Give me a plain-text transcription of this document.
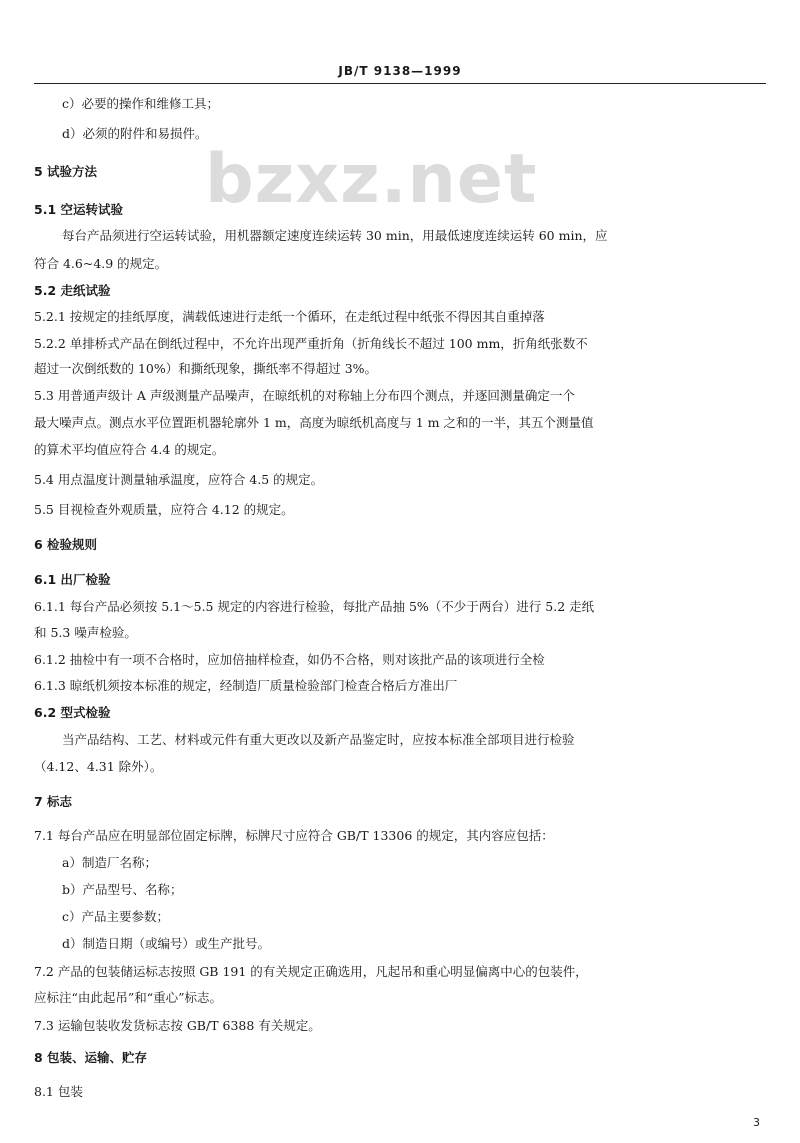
JB/T 9138—1999
bzxz.net
c）必要的操作和维修工具；
d）必须的附件和易损件。
5 试验方法
5.1 空运转试验
每台产品须进行空运转试验，用机器额定速度连续运转 30 min，用最低速度连续运转 60 min，应
符合 4.6~4.9 的规定。
5.2 走纸试验
5.2.1 按规定的挂纸厚度，满载低速进行走纸一个循环，在走纸过程中纸张不得因其自重掉落
5.2.2 单排桥式产品在倒纸过程中，不允许出现严重折角（折角线长不超过 100 mm，折角纸张数不
超过一次倒纸数的 10%）和撕纸现象，撕纸率不得超过 3%。
5.3 用普通声级计 A 声级测量产品噪声，在晾纸机的对称轴上分布四个测点，并逐回测量确定一个
最大噪声点。测点水平位置距机器轮廓外 1 m，高度为晾纸机高度与 1 m 之和的一半，其五个测量值
的算术平均值应符合 4.4 的规定。
5.4 用点温度计测量轴承温度，应符合 4.5 的规定。
5.5 目视检查外观质量，应符合 4.12 的规定。
6 检验规则
6.1 出厂检验
6.1.1 每台产品必须按 5.1～5.5 规定的内容进行检验，每批产品抽 5%（不少于两台）进行 5.2 走纸
和 5.3 噪声检验。
6.1.2 抽检中有一项不合格时，应加倍抽样检查，如仍不合格，则对该批产品的该项进行全检
6.1.3 晾纸机须按本标准的规定，经制造厂质量检验部门检查合格后方准出厂
6.2 型式检验
当产品结构、工艺、材料或元件有重大更改以及新产品鉴定时，应按本标准全部项目进行检验
（4.12、4.31 除外）。
7 标志
7.1 每台产品应在明显部位固定标牌，标牌尺寸应符合 GB/T 13306 的规定，其内容应包括：
a）制造厂名称；
b）产品型号、名称；
c）产品主要参数；
d）制造日期（或编号）或生产批号。
7.2 产品的包装储运标志按照 GB 191 的有关规定正确选用，凡起吊和重心明显偏离中心的包装件，
应标注“由此起吊”和“重心”标志。
7.3 运输包装收发货标志按 GB/T 6388 有关规定。
8 包装、运输、贮存
8.1 包装
3
